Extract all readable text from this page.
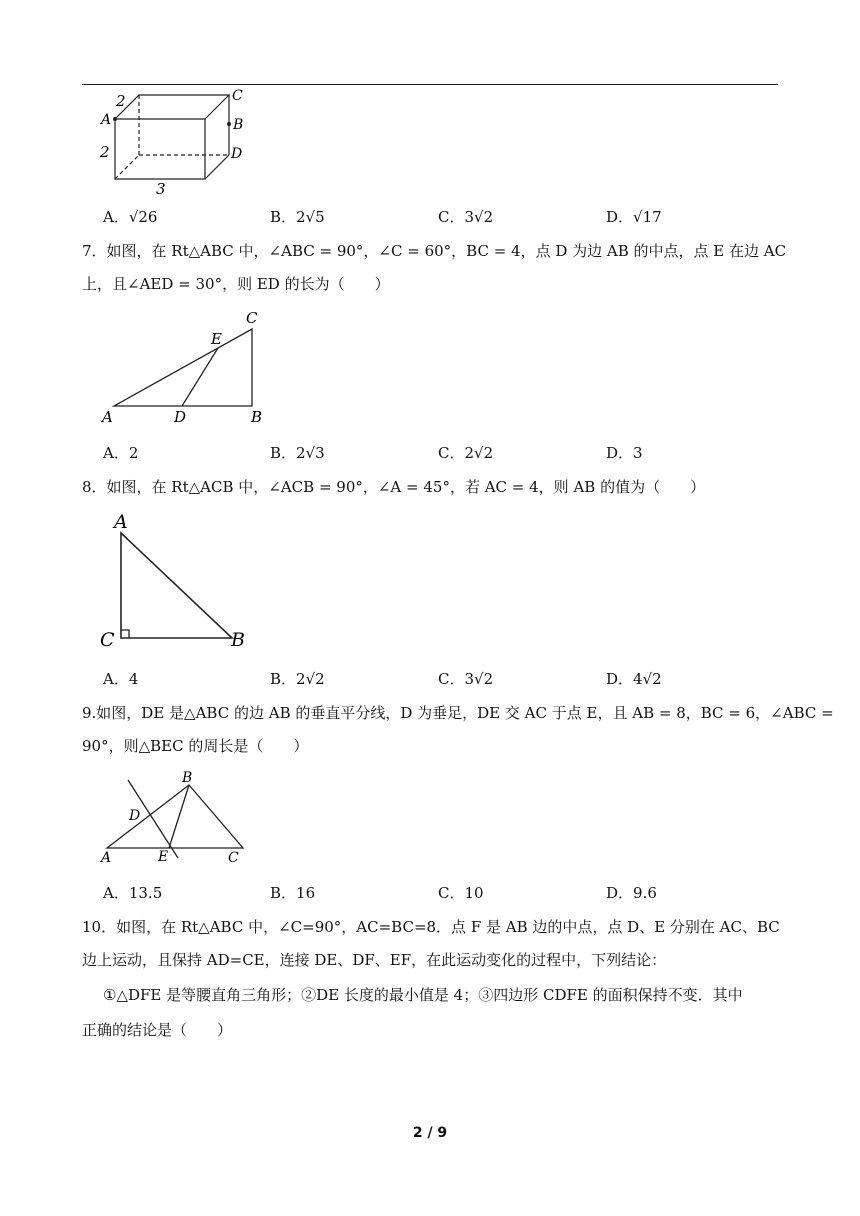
2
2
3
A	B
C
D
A．√26	B．2√5	C．3√2	D．√17
7．如图，在 Rt△ABC 中，∠ABC = 90°，∠C = 60°，BC = 4，点 D 为边 AB 的中点，点 E 在边 AC
上，且∠AED = 30°，则 ED 的长为（　　）
A	B
C
D
E
A．2	B．2√3	C．2√2	D．3
8．如图，在 Rt△ACB 中，∠ACB = 90°，∠A = 45°，若 AC = 4，则 AB 的值为（　　）
A
C	B
A．4	B．2√2	C．3√2	D．4√2
9.如图，DE 是△ABC 的边 AB 的垂直平分线，D 为垂足，DE 交 AC 于点 E，且 AB = 8，BC = 6，∠ABC =
90°，则△BEC 的周长是（　　）
B
D
A	E	C
A．13.5	B．16	C．10	D．9.6
10．如图，在 Rt△ABC 中，∠C=90°，AC=BC=8．点 F 是 AB 边的中点，点 D、E 分别在 AC、BC
边上运动，且保持 AD=CE，连接 DE、DF、EF，在此运动变化的过程中，下列结论：
①△DFE 是等腰直角三角形；②DE 长度的最小值是 4；③四边形 CDFE 的面积保持不变．其中
正确的结论是（　　）
2 / 9
